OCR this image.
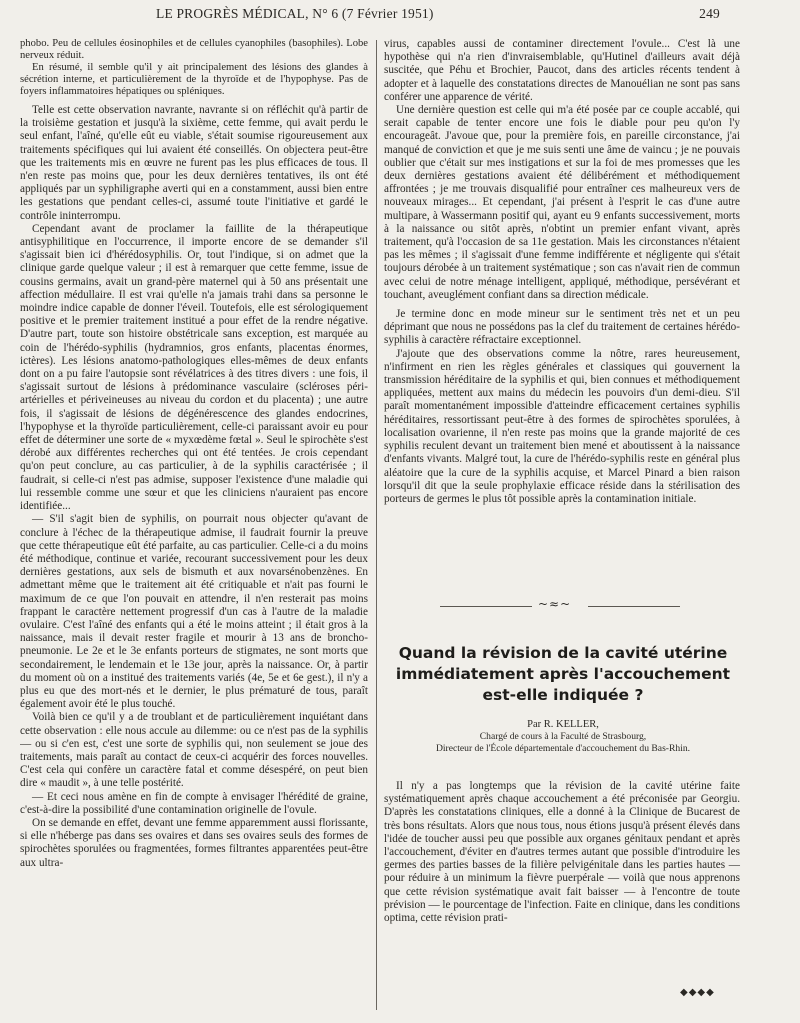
LE PROGRÈS MÉDICAL, N° 6 (7 Février 1951)	249

phobo. Peu de cellules éosinophiles et de cellules cyanophiles (basophiles). Lobe nerveux réduit.

En résumé, il semble qu'il y ait principalement des lésions des glandes à sécrétion interne, et particulièrement de la thyroïde et de l'hypophyse. Pas de foyers inflammatoires hépatiques ou spléniques.

Telle est cette observation navrante, navrante si on réfléchit qu'à partir de la troisième gestation et jusqu'à la sixième, cette femme, qui avait perdu le seul enfant, l'aîné, qu'elle eût eu viable, s'était soumise rigoureusement aux traitements spécifiques qui lui avaient été conseillés. On objectera peut-être que les traitements mis en œuvre ne furent pas les plus efficaces de tous. Il n'en reste pas moins que, pour les deux dernières tentatives, ils ont été appliqués par un syphiligraphe averti qui en a constamment, aussi bien entre les gestations que pendant celles-ci, assumé toute l'initiative et gardé le contrôle ininterrompu.

Cependant avant de proclamer la faillite de la thérapeutique antisyphilitique en l'occurrence, il importe encore de se demander s'il s'agissait bien ici d'hérédosyphilis. Or, tout l'indique, si on admet que la clinique garde quelque valeur ; il est à remarquer que cette femme, issue de cousins germains, avait un grand-père maternel qui à 50 ans présentait une affection médullaire. Il est vrai qu'elle n'a jamais trahi dans sa personne le moindre indice capable de donner l'éveil. Toutefois, elle est sérologiquement positive et le premier traitement institué a pour effet de la rendre négative. D'autre part, toute son histoire obstétricale sans exception, est marquée au coin de l'hérédo-syphilis (hydramnios, gros enfants, placentas énormes, ictères). Les lésions anatomo-pathologiques elles-mêmes de deux enfants dont on a pu faire l'autopsie sont révélatrices à des titres divers : une fois, il s'agissait surtout de lésions à prédominance vasculaire (scléroses péri-artérielles et périveineuses au niveau du cordon et du placenta) ; une autre fois, il s'agissait de lésions de dégénérescence des glandes endocrines, l'hypophyse et la thyroïde particulièrement, celle-ci paraissant avoir eu pour effet de déterminer une sorte de « myxœdème fœtal ». Seul le spirochète s'est dérobé aux différentes recherches qui ont été tentées. Je crois cependant qu'on peut conclure, au cas particulier, à de la syphilis caractérisée ; il faudrait, si celle-ci n'est pas admise, supposer l'existence d'une maladie qui lui ressemble comme une sœur et que les cliniciens n'auraient pas encore identifiée...

— S'il s'agit bien de syphilis, on pourrait nous objecter qu'avant de conclure à l'échec de la thérapeutique admise, il faudrait fournir la preuve que cette thérapeutique eût été parfaite, au cas particulier. Celle-ci a du moins été méthodique, continue et variée, recourant successivement pour les deux dernières gestations, aux sels de bismuth et aux novarsénobenzènes. En admettant même que le traitement ait été critiquable et n'ait pas fourni le maximum de ce que l'on pouvait en attendre, il n'en resterait pas moins frappant le caractère nettement progressif d'un cas à l'autre de la maladie ovulaire. C'est l'aîné des enfants qui a été le moins atteint ; il était gros à la naissance, mais il devait rester fragile et mourir à 13 ans de broncho-pneumonie. Le 2e et le 3e enfants porteurs de stigmates, ne sont morts que secondairement, le lendemain et le 13e jour, après la naissance. Or, à partir du moment où on a institué des traitements variés (4e, 5e et 6e gest.), il n'y a plus eu que des mort-nés et le dernier, le plus prématuré de tous, paraît également avoir été le plus touché.

Voilà bien ce qu'il y a de troublant et de particulièrement inquiétant dans cette observation : elle nous accule au dilemme: ou ce n'est pas de la syphilis — ou si c'en est, c'est une sorte de syphilis qui, non seulement se joue des traitements, mais paraît au contact de ceux-ci acquérir des forces nouvelles. C'est cela qui confère un caractère fatal et comme désespéré, on peut bien dire « maudit », à une telle postérité.

— Et ceci nous amène en fin de compte à envisager l'hérédité de graine, c'est-à-dire la possibilité d'une contamination originelle de l'ovule.

On se demande en effet, devant une femme apparemment aussi florissante, si elle n'héberge pas dans ses ovaires et dans ses ovaires seuls des formes de spirochètes sporulées ou fragmentées, formes filtrantes apparentées peut-être aux ultra-

virus, capables aussi de contaminer directement l'ovule... C'est là une hypothèse qui n'a rien d'invraisemblable, qu'Hutinel d'ailleurs avait déjà suscitée, que Péhu et Brochier, Paucot, dans des articles récents tendent à adopter et à laquelle des constatations directes de Manouélian ne sont pas sans conférer une apparence de vérité.

Une dernière question est celle qui m'a été posée par ce couple accablé, qui serait capable de tenter encore une fois le diable pour peu qu'on l'y encourageât. J'avoue que, pour la première fois, en pareille circonstance, j'ai manqué de conviction et que je me suis senti une âme de vaincu ; je ne pouvais oublier que c'était sur mes instigations et sur la foi de mes promesses que les deux dernières gestations avaient été délibérément et méthodiquement affrontées ; je me trouvais disqualifié pour entraîner ces malheureux vers de nouveaux mirages... Et cependant, j'ai présent à l'esprit le cas d'une autre multipare, à Wassermann positif qui, ayant eu 9 enfants successivement, morts à la naissance ou sitôt après, n'obtint un premier enfant vivant, après traitement, qu'à l'occasion de sa 11e gestation. Mais les circonstances n'étaient pas les mêmes ; il s'agissait d'une femme indifférente et négligente qui s'était toujours dérobée à un traitement systématique ; son cas n'avait rien de commun avec celui de notre ménage intelligent, appliqué, méthodique, persévérant et touchant, aveuglément confiant dans sa direction médicale.

Je termine donc en mode mineur sur le sentiment très net et un peu déprimant que nous ne possédons pas la clef du traitement de certaines hérédo-syphilis à caractère réfractaire exceptionnel.

J'ajoute que des observations comme la nôtre, rares heureusement, n'infirment en rien les règles générales et classiques qui gouvernent la transmission héréditaire de la syphilis et qui, bien connues et méthodiquement appliquées, mettent aux mains du médecin les pouvoirs d'un demi-dieu. S'il paraît momentanément impossible d'atteindre efficacement certaines syphilis héréditaires, ressortissant peut-être à des formes de spirochètes sporulées, à localisation ovarienne, il n'en reste pas moins que la grande majorité de ces syphilis reculent devant un traitement bien mené et aboutissent à la naissance d'enfants vivants. Malgré tout, la cure de l'hérédo-syphilis reste en général plus aléatoire que la cure de la syphilis acquise, et Marcel Pinard a bien raison lorsqu'il dit que la seule prophylaxie efficace réside dans la stérilisation des porteurs de germes le plus tôt possible après la contamination initiale.

~≈~
Quand la révision de la cavité utérine
immédiatement après l'accouchement
est-elle indiquée ?
Par R. KELLER,
Chargé de cours à la Faculté de Strasbourg,
Directeur de l'École départementale d'accouchement du Bas-Rhin.

Il n'y a pas longtemps que la révision de la cavité utérine faite systématiquement après chaque accouchement a été préconisée par Georgiu. D'après les constatations cliniques, elle a donné à la Clinique de Bucarest de très bons résultats. Alors que nous tous, nous étions jusqu'à présent élevés dans l'idée de toucher aussi peu que possible aux organes génitaux pendant et après l'accouchement, d'éviter en d'autres termes autant que possible d'introduire les germes des parties basses de la filière pelvigénitale dans les parties hautes — pour réduire à un minimum la fièvre puerpérale — voilà que nous apprenons que cette révision systématique avait fait baisser — à l'encontre de toute prévision — le pourcentage de l'infection. Faite en clinique, dans les conditions optima, cette révision prati-

◆◆◆◆
